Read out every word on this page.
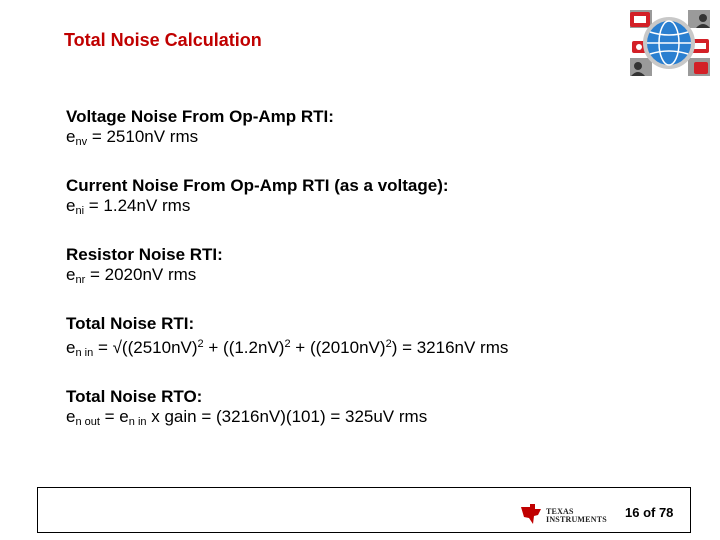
Total Noise Calculation
Voltage Noise From Op-Amp RTI:
$e_{nv} = 2510nV$ rms
Current Noise From Op-Amp RTI (as a voltage):
$e_{ni} = 1.24nV$ rms
Resistor Noise RTI:
$e_{nr} = 2020nV$ rms
Total Noise RTI:
$e_{n in} = √((2510nV)^2 + ((1.2nV)^2 + ((2010nV)^2) = 3216nV$ rms
Total Noise RTO:
$e_{n out} = e_{n in}$ x gain = (3216nV)(101) = 325uV rms
TEXAS
INSTRUMENTS 16 of 78
